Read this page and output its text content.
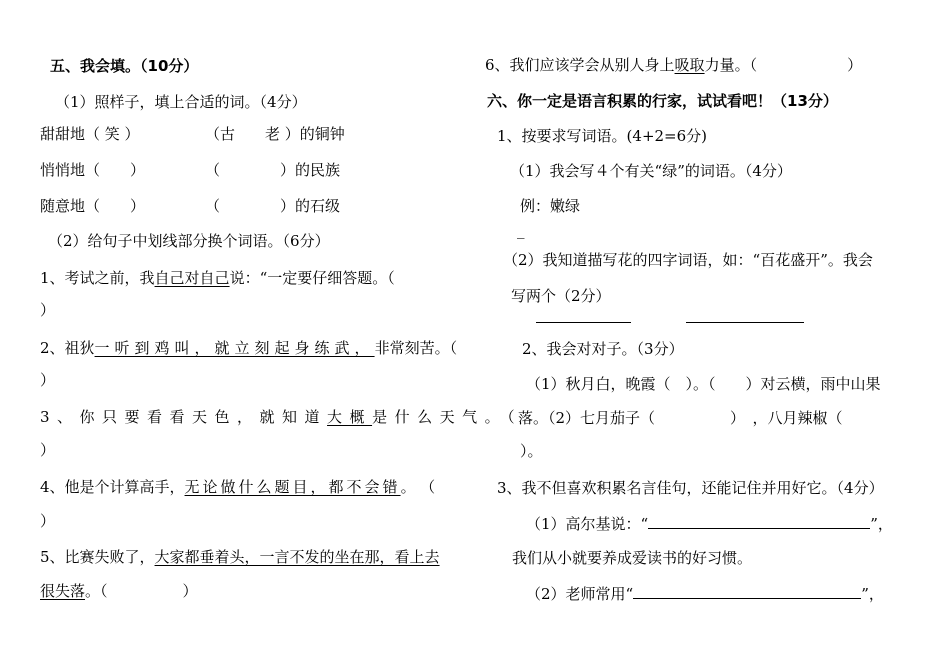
五、我会填。（10分）
（1）照样子，填上合适的词。（4分）
甜甜地（ 笑 ）	（古　　老 ）的铜钟
悄悄地（　　）	（　　　　）的民族
随意地（　　）	（　　　　）的石级
（2）给句子中划线部分换个词语。（6分）
1、考试之前，我自己对自己说：“一定要仔细答题。（
）
2、祖狄一听到鸡叫，就立刻起身练武，非常刻苦。（
）
3、你只要看看天色，就知道大概是什么天气。（
）
4、他是个计算高手，无论做什么题目，都不会错。（
）
5、比赛失败了，大家都垂着头，一言不发的坐在那，看上去
很失落。（　　　　　）
6、我们应该学会从别人身上吸取力量。（　　　　　　）
六、你一定是语言积累的行家，试试看吧！（13分）
1、按要求写词语。(4+2=6分)
（1）我会写４个有关“绿”的词语。（4分）
例：嫩绿
_
（2）我知道描写花的四字词语，如：“百花盛开”。我会
写两个（2分）
2、我会对对子。（3分）
（1）秋月白，晚霞（　）。（　　）对云横，雨中山果
落。（2）七月茄子（　　　　　）　，八月辣椒（
）。
3、我不但喜欢积累名言佳句，还能记住并用好它。（4分）
（1）高尔基说：“	”，
我们从小就要养成爱读书的好习惯。
（2）老师常用“	”，
